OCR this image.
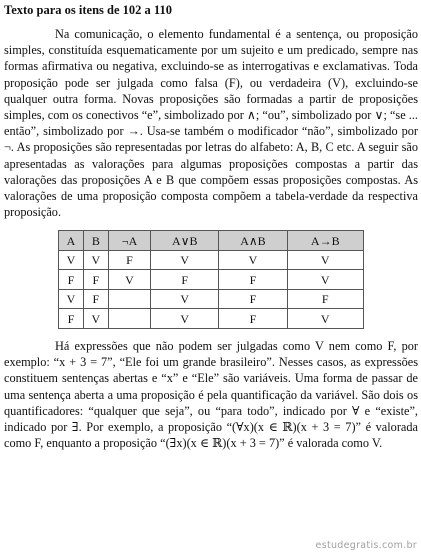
Texto para os itens de 102 a 110

Na comunicação, o elemento fundamental é a sentença, ou proposição simples, constituída esquematicamente por um sujeito e um predicado, sempre nas formas afirmativa ou negativa, excluindo-se as interrogativas e exclamativas. Toda proposição pode ser julgada como falsa (F), ou verdadeira (V), excluindo-se qualquer outra forma. Novas proposições são formadas a partir de proposições simples, com os conectivos “e”, simbolizado por ∧; “ou”, simbolizado por ∨; “se ... então”, simbolizado por →. Usa-se também o modificador “não”, simbolizado por ¬. As proposições são representadas por letras do alfabeto: A, B, C etc. A seguir são apresentadas as valorações para algumas proposições compostas a partir das valorações das proposições A e B que compõem essas proposições compostas. As valorações de uma proposição composta compõem a tabela-verdade da respectiva proposição.

A	B	¬A	A∨B	A∧B	A→B
V	V	F	V	V	V
F	F	V	F	F	V
V	F		V	F	F
F	V		V	F	V

Há expressões que não podem ser julgadas como V nem como F, por exemplo: “x + 3 = 7”, “Ele foi um grande brasileiro”. Nesses casos, as expressões constituem sentenças abertas e “x” e “Ele” são variáveis. Uma forma de passar de uma sentença aberta a uma proposição é pela quantificação da variável. São dois os quantificadores: “qualquer que seja”, ou “para todo”, indicado por ∀ e “existe”, indicado por ∃. Por exemplo, a proposição “(∀x)(x ∈ ℝ)(x + 3 = 7)” é valorada como F, enquanto a proposição “(∃x)(x ∈ ℝ)(x + 3 = 7)” é valorada como V.

estudegratis.com.br
